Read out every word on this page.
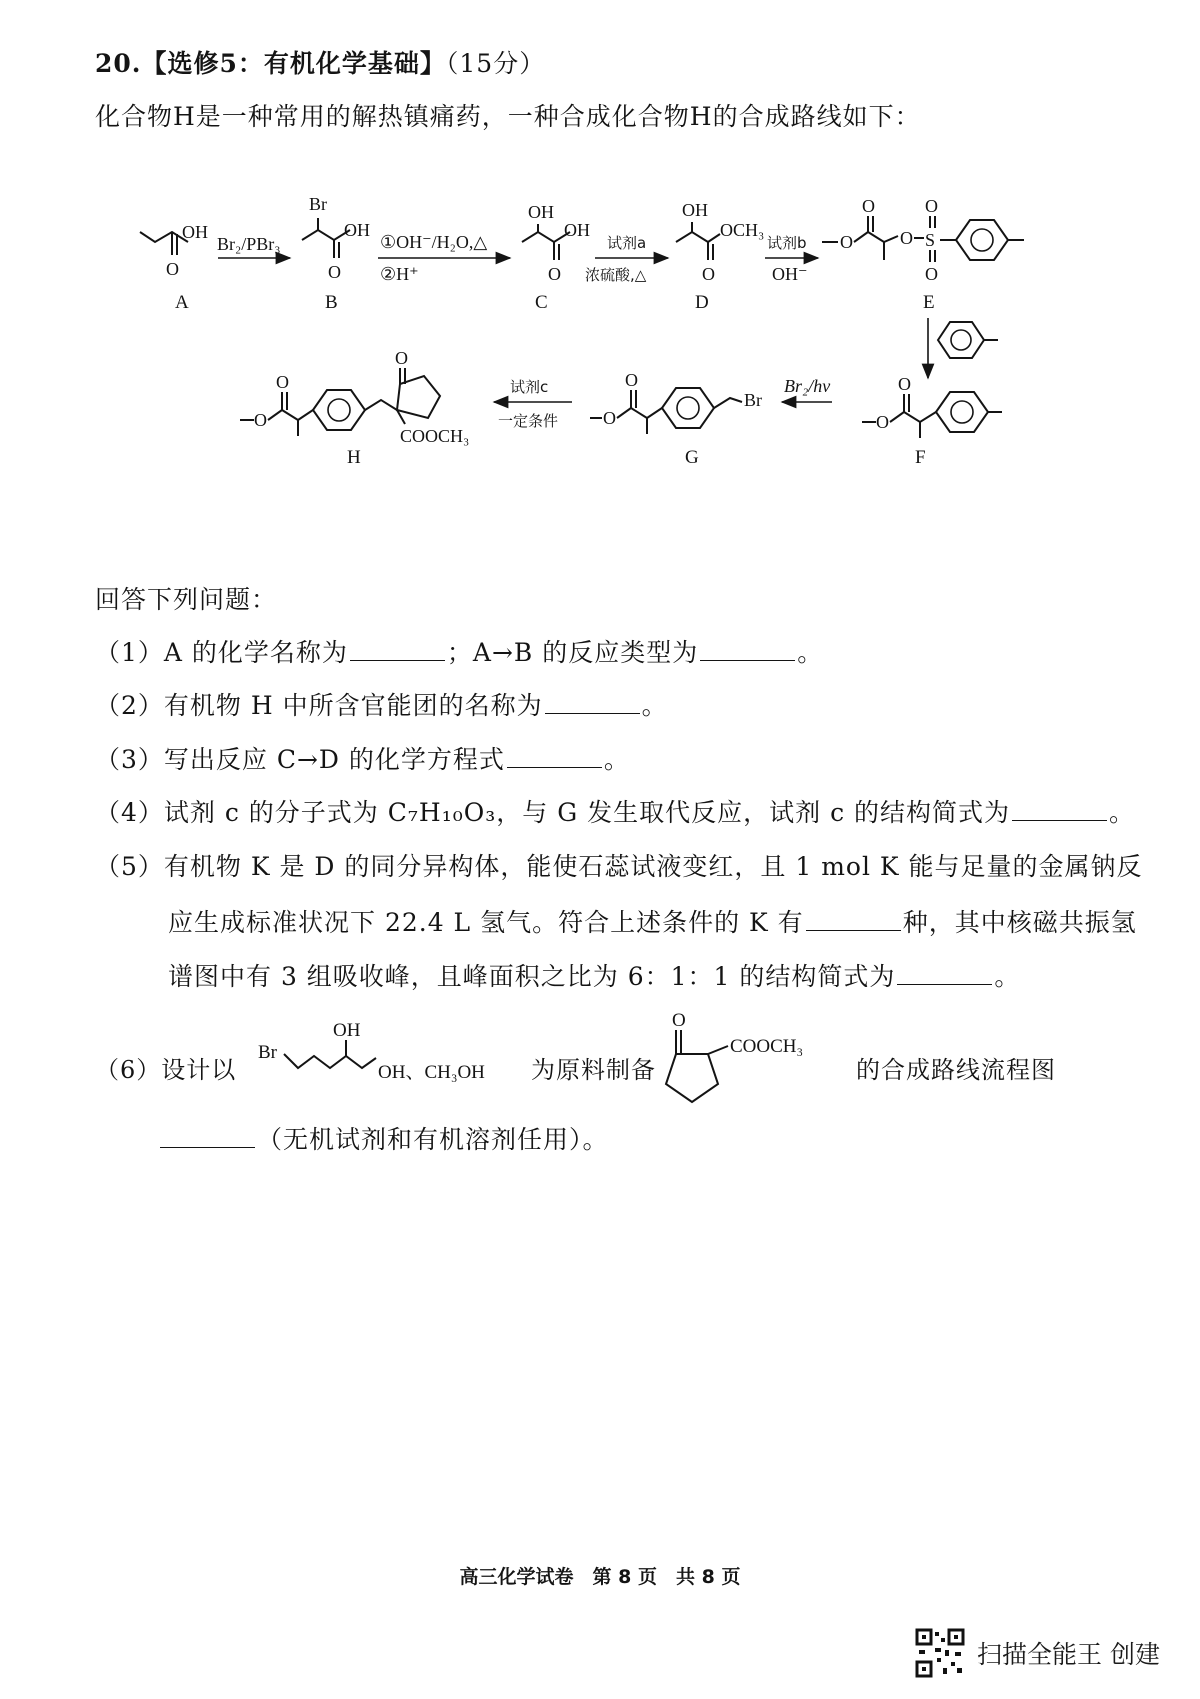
20.【选修5：有机化学基础】（15分）
化合物H是一种常用的解热镇痛药，一种合成化合物H的合成路线如下：
OH
O
A
Br₂/PBr₃
Br
OH
O
B
①OH⁻/H₂O,△
②H⁺
OH
OH
O
C
试剂a
浓硫酸,△
OH
OCH₃
O
D
试剂b
OH⁻
O
O
O S
O
O
E
O
O
F
Br₂/hv
O
O
Br
G
试剂c
一定条件
O
O
O
COOCH₃
H
回答下列问题：
（1）A 的化学名称为	；A→B 的反应类型为	。
（2）有机物 H 中所含官能团的名称为	。
（3）写出反应 C→D 的化学方程式	。
（4）试剂 c 的分子式为 C₇H₁₀O₃，与 G 发生取代反应，试剂 c 的结构简式为	。
（5）有机物 K 是 D 的同分异构体，能使石蕊试液变红，且 1 mol K 能与足量的金属钠反
应生成标准状况下 22.4 L 氢气。符合上述条件的 K 有	种，其中核磁共振氢
谱图中有 3 组吸收峰，且峰面积之比为 6：1：1 的结构简式为	。
（6）设计以
Br
OH
OH、CH₃OH 为原料制备
O
COOCH₃
的合成路线流程图
（无机试剂和有机溶剂任用）。
高三化学试卷　第 8 页　共 8 页
扫描全能王 创建
